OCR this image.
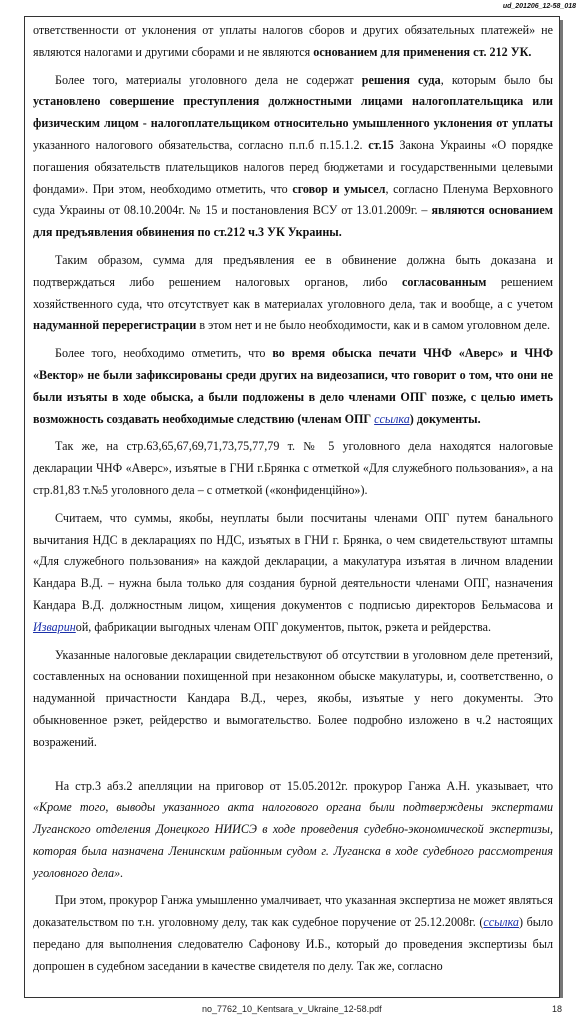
ud_201206_12-58_018

ответственности от уклонения от уплаты налогов сборов и других обязательных платежей» не являются налогами и другими сборами и не являются основанием для применения ст. 212 УК.

Более того, материалы уголовного дела не содержат решения суда, которым было бы установлено совершение преступления должностными лицами налогоплательщика или физическим лицом - налогоплательщиком относительно умышленного уклонения от уплаты указанного налогового обязательства, согласно п.п.б п.15.1.2. ст.15 Закона Украины «О порядке погашения обязательств плательщиков налогов перед бюджетами и государственными целевыми фондами». При этом, необходимо отметить, что сговор и умысел, согласно Пленума Верховного суда Украины от 08.10.2004г. № 15 и постановления ВСУ от 13.01.2009г. – являются основанием для предъявления обвинения по ст.212 ч.3 УК Украины.

Таким образом, сумма для предъявления ее в обвинение должна быть доказана и подтверждаться либо решением налоговых органов, либо согласованным решением хозяйственного суда, что отсутствует как в материалах уголовного дела, так и вообще, а с учетом надуманной перерегистрации в этом нет и не было необходимости, как и в самом уголовном деле.

Более того, необходимо отметить, что во время обыска печати ЧНФ «Аверс» и ЧНФ «Вектор» не были зафиксированы среди других на видеозаписи, что говорит о том, что они не были изъяты в ходе обыска, а были подложены в дело членами ОПГ позже, с целью иметь возможность создавать необходимые следствию (членам ОПГ ссылка) документы.

Так же, на стр.63,65,67,69,71,73,75,77,79 т. № 5 уголовного дела находятся налоговые декларации ЧНФ «Аверс», изъятые в ГНИ г.Брянка с отметкой «Для служебного пользования», а на стр.81,83 т.№5 уголовного дела – с отметкой («конфиденційно»).

Считаем, что суммы, якобы, неуплаты были посчитаны членами ОПГ путем банального вычитания НДС в декларациях по НДС, изъятых в ГНИ г. Брянка, о чем свидетельствуют штампы «Для служебного пользования» на каждой декларации, а макулатура изъятая в личном владении Кандара В.Д. – нужна была только для создания бурной деятельности членами ОПГ, назначения Кандара В.Д. должностным лицом, хищения документов с подписью директоров Бельмасова и Извариной, фабрикации выгодных членам ОПГ документов, пыток, рэкета и рейдерства.

Указанные налоговые декларации свидетельствуют об отсутствии в уголовном деле претензий, составленных на основании похищенной при незаконном обыске макулатуры, и, соответственно, о надуманной причастности Кандара В.Д., через, якобы, изъятые у него документы. Это обыкновенное рэкет, рейдерство и вымогательство. Более подробно изложено в ч.2 настоящих возражений.

На стр.3 абз.2 апелляции на приговор от 15.05.2012г. прокурор Ганжа А.Н. указывает, что «Кроме того, выводы указанного акта налогового органа были подтверждены экспертами Луганского отделения Донецкого НИИСЭ в ходе проведения судебно-экономической экспертизы, которая была назначена Ленинским районным судом г. Луганска в ходе судебного рассмотрения уголовного дела».

При этом, прокурор Ганжа умышленно умалчивает, что указанная экспертиза не может являться доказательством по т.н. уголовному делу, так как судебное поручение от 25.12.2008г. (ссылка) было передано для выполнения следователю Сафонову И.Б., который до проведения экспертизы был допрошен в судебном заседании в качестве свидетеля по делу. Так же, согласно

no_7762_10_Kentsara_v_Ukraine_12-58.pdf	18
